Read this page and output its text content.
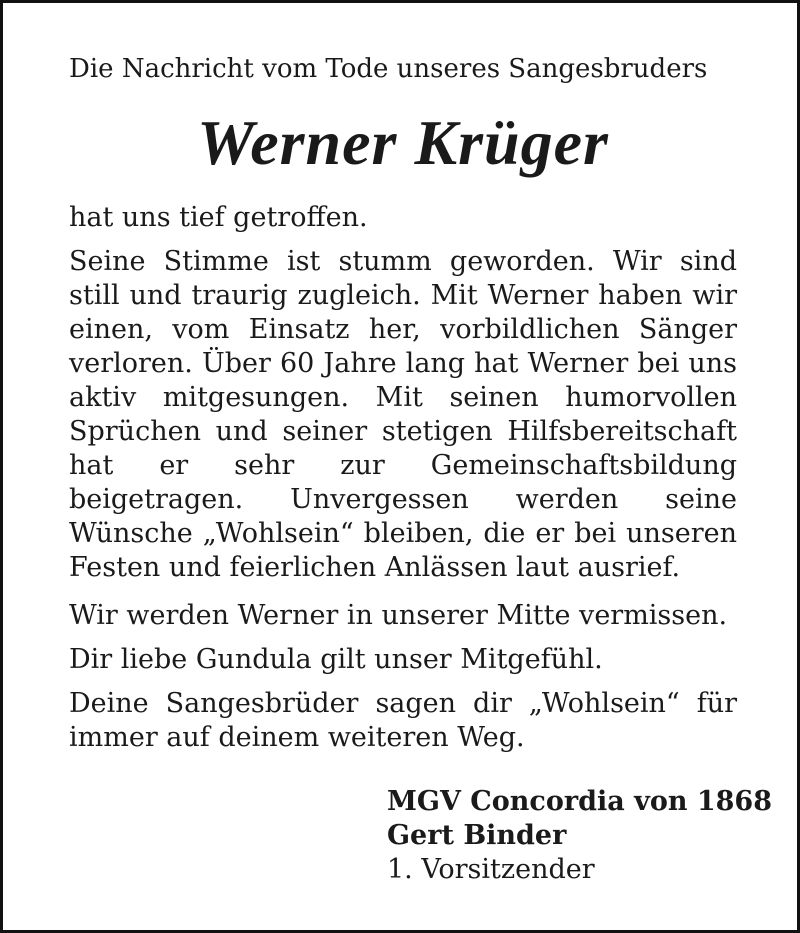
Die Nachricht vom Tode unseres Sangesbruders
Werner Krüger

hat uns tief getroffen.

Seine Stimme ist stumm geworden. Wir sind still und traurig zugleich. Mit Werner haben wir einen, vom Einsatz her, vorbildlichen Sänger verloren. Über 60 Jahre lang hat Werner bei uns aktiv mitgesungen. Mit seinen humorvollen Sprüchen und seiner stetigen Hilfsbereitschaft hat er sehr zur Gemeinschaftsbildung beigetragen. Unvergessen werden seine Wünsche „Wohlsein“ bleiben, die er bei unseren Festen und feierlichen Anlässen laut ausrief.

Wir werden Werner in unserer Mitte vermissen.

Dir liebe Gundula gilt unser Mitgefühl.

Deine Sangesbrüder sagen dir „Wohlsein“ für immer auf deinem weiteren Weg.

MGV Concordia von 1868
Gert Binder
1. Vorsitzender
